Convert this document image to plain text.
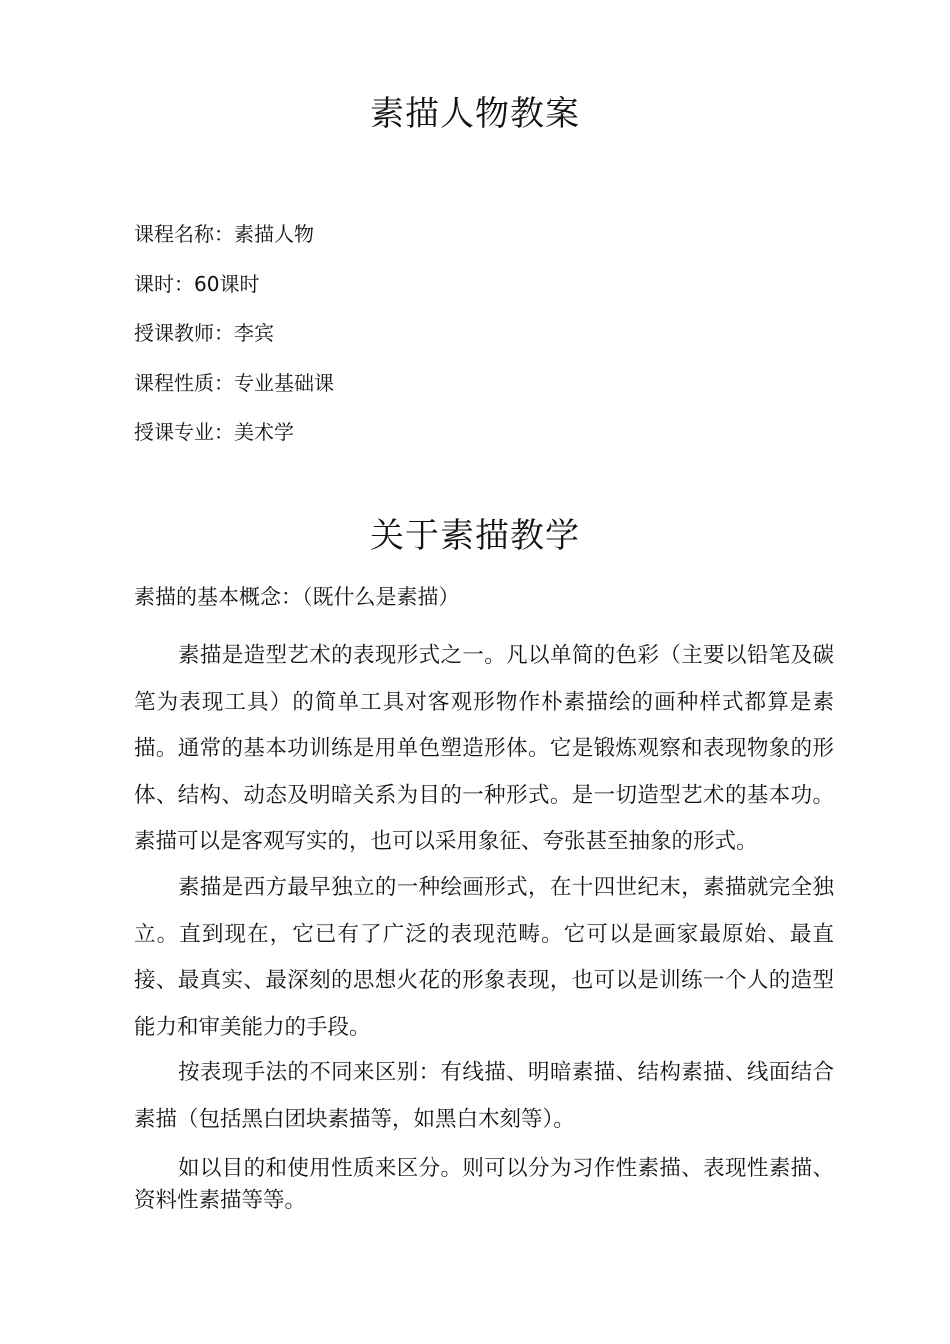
素描人物教案
课程名称：素描人物
课时：60课时
授课教师：李宾
课程性质：专业基础课
授课专业：美术学
关于素描教学
素描的基本概念：（既什么是素描）

素描是造型艺术的表现形式之一。凡以单简的色彩（主要以铅笔及碳笔为表现工具）的简单工具对客观形物作朴素描绘的画种样式都算是素描。通常的基本功训练是用单色塑造形体。它是锻炼观察和表现物象的形体、结构、动态及明暗关系为目的一种形式。是一切造型艺术的基本功。素描可以是客观写实的，也可以采用象征、夸张甚至抽象的形式。

素描是西方最早独立的一种绘画形式，在十四世纪末，素描就完全独立。直到现在，它已有了广泛的表现范畴。它可以是画家最原始、最直接、最真实、最深刻的思想火花的形象表现，也可以是训练一个人的造型能力和审美能力的手段。

按表现手法的不同来区别：有线描、明暗素描、结构素描、线面结合素描（包括黑白团块素描等，如黑白木刻等）。

如以目的和使用性质来区分。则可以分为习作性素描、表现性素描、资料性素描等等。
